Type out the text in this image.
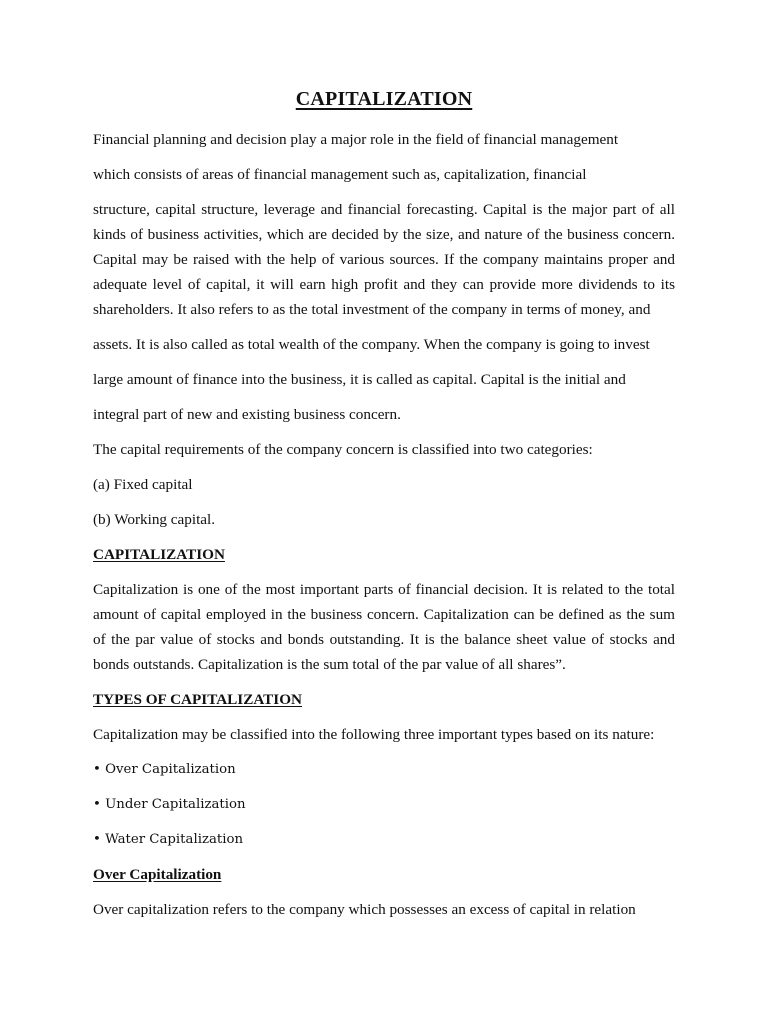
CAPITALIZATION
Financial planning and decision play a major role in the field of financial management
which consists of areas of financial management such as, capitalization, financial
structure, capital structure, leverage and financial forecasting. Capital is the major part of all
kinds of business activities, which are decided by the size, and nature of the business concern.
Capital may be raised with the help of various sources. If the company maintains proper and
adequate level of capital, it will earn high profit and they can provide more dividends to its
shareholders. It also refers to as the total investment of the company in terms of money, and
assets. It is also called as total wealth of the company. When the company is going to invest
large amount of finance into the business, it is called as capital. Capital is the initial and
integral part of new and existing business concern.
The capital requirements of the company concern is classified into two categories:
(a) Fixed capital
(b) Working capital.
CAPITALIZATION
Capitalization is one of the most important parts of financial decision. It is related to the total
amount of capital employed in the business concern. Capitalization can be defined as the sum
of the par value of stocks and bonds outstanding. It is the balance sheet value of stocks and
bonds outstands. Capitalization is the sum total of the par value of all shares”.
TYPES OF CAPITALIZATION
Capitalization may be classified into the following three important types based on its nature:
• Over Capitalization
• Under Capitalization
• Water Capitalization
Over Capitalization
Over capitalization refers to the company which possesses an excess of capital in relation
